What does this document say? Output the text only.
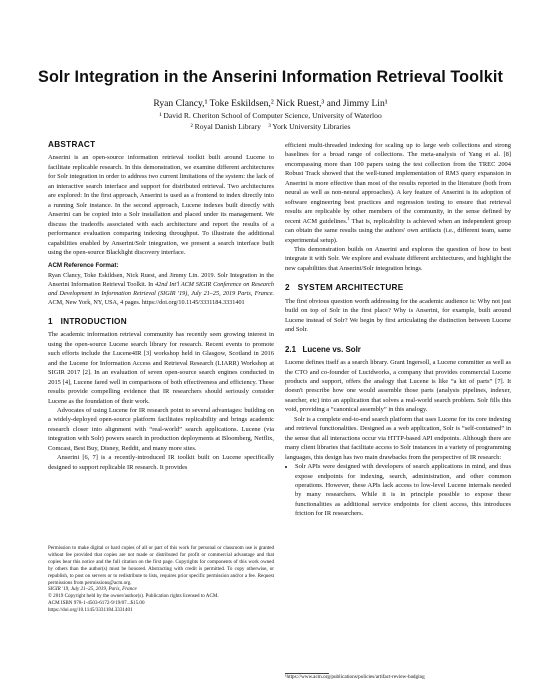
Solr Integration in the Anserini Information Retrieval Toolkit
Ryan Clancy,¹ Toke Eskildsen,² Nick Ruest,³ and Jimmy Lin¹
¹ David R. Cheriton School of Computer Science, University of Waterloo
² Royal Danish Library    ³ York University Libraries

ABSTRACT

Anserini is an open-source information retrieval toolkit built around Lucene to facilitate replicable research. In this demonstration, we examine different architectures for Solr integration in order to address two current limitations of the system: the lack of an interactive search interface and support for distributed retrieval. Two architectures are explored: In the first approach, Anserini is used as a frontend to index directly into a running Solr instance. In the second approach, Lucene indexes built directly with Anserini can be copied into a Solr installation and placed under its management. We discuss the tradeoffs associated with each architecture and report the results of a performance evaluation comparing indexing throughput. To illustrate the additional capabilities enabled by Anserini/Solr integration, we present a search interface built using the open-source Blacklight discovery interface.

ACM Reference Format:

Ryan Clancy, Toke Eskildsen, Nick Ruest, and Jimmy Lin. 2019. Solr Integration in the Anserini Information Retrieval Toolkit. In 42nd Int'l ACM SIGIR Conference on Research and Development in Information Retrieval (SIGIR '19), July 21–25, 2019 Paris, France. ACM, New York, NY, USA, 4 pages. https://doi.org/10.1145/3331184.3331401

1   INTRODUCTION

The academic information retrieval community has recently seen growing interest in using the open-source Lucene search library for research. Recent events to promote such efforts include the Lucene4IR [3] workshop held in Glasgow, Scotland in 2016 and the Lucene for Information Access and Retrieval Research (LIARR) Workshop at SIGIR 2017 [2]. In an evaluation of seven open-source search engines conducted in 2015 [4], Lucene fared well in comparisons of both effectiveness and efficiency. These results provide compelling evidence that IR researchers should seriously consider Lucene as the foundation of their work.

Advocates of using Lucene for IR research point to several advantages: building on a widely-deployed open-source platform facilitates replicability and brings academic research closer into alignment with “real-world” search applications. Lucene (via integration with Solr) powers search in production deployments at Bloomberg, Netflix, Comcast, Best Buy, Disney, Reddit, and many more sites.

Anserini [6, 7] is a recently-introduced IR toolkit built on Lucene specifically designed to support replicable IR research. It provides

Permission to make digital or hard copies of all or part of this work for personal or classroom use is granted without fee provided that copies are not made or distributed for profit or commercial advantage and that copies bear this notice and the full citation on the first page. Copyrights for components of this work owned by others than the author(s) must be honored. Abstracting with credit is permitted. To copy otherwise, or republish, to post on servers or to redistribute to lists, requires prior specific permission and/or a fee. Request permissions from permissions@acm.org.

SIGIR '19, July 21–25, 2019, Paris, France

© 2019 Copyright held by the owner/author(s). Publication rights licensed to ACM.

ACM ISBN 978-1-4503-6172-9/19/07...$15.00

https://doi.org/10.1145/3331184.3331401

efficient multi-threaded indexing for scaling up to large web collections and strong baselines for a broad range of collections. The meta-analysis of Yang et al. [8] encompassing more than 100 papers using the test collection from the TREC 2004 Robust Track showed that the well-tuned implementation of RM3 query expansion in Anserini is more effective than most of the results reported in the literature (both from neural as well as non-neural approaches). A key feature of Anserini is its adoption of software engineering best practices and regression testing to ensure that retrieval results are replicable by other members of the community, in the sense defined by recent ACM guidelines.$^1$ That is, replicability is achieved when an independent group can obtain the same results using the authors' own artifacts (i.e., different team, same experimental setup).

This demonstration builds on Anserini and explores the question of how to best integrate it with Solr. We explore and evaluate different architectures, and highlight the new capabilities that Anserini/Solr integration brings.

2   SYSTEM ARCHITECTURE

The first obvious question worth addressing for the academic audience is: Why not just build on top of Solr in the first place? Why is Anserini, for example, built around Lucene instead of Solr? We begin by first articulating the distinction between Lucene and Solr.

2.1   Lucene vs. Solr

Lucene defines itself as a search library. Grant Ingersoll, a Lucene committer as well as the CTO and co-founder of Lucidworks, a company that provides commercial Lucene products and support, offers the analogy that Lucene is like “a kit of parts” [7]. It doesn't prescribe how one would assemble those parts (analysis pipelines, indexer, searcher, etc) into an application that solves a real-world search problem. Solr fills this void, providing a “canonical assembly” in this analogy.

Solr is a complete end-to-end search platform that uses Lucene for its core indexing and retrieval functionalities. Designed as a web application, Solr is “self-contained” in the sense that all interactions occur via HTTP-based API endpoints. Although there are many client libraries that facilitate access to Solr instances in a variety of programming languages, this design has two main drawbacks from the perspective of IR research:

• Solr APIs were designed with developers of search applications in mind, and thus expose endpoints for indexing, search, administration, and other common operations. However, these APIs lack access to low-level Lucene internals needed by many researchers. While it is in principle possible to expose these functionalities as additional service endpoints for client access, this introduces friction for IR researchers.
¹https://www.acm.org/publications/policies/artifact-review-badging
